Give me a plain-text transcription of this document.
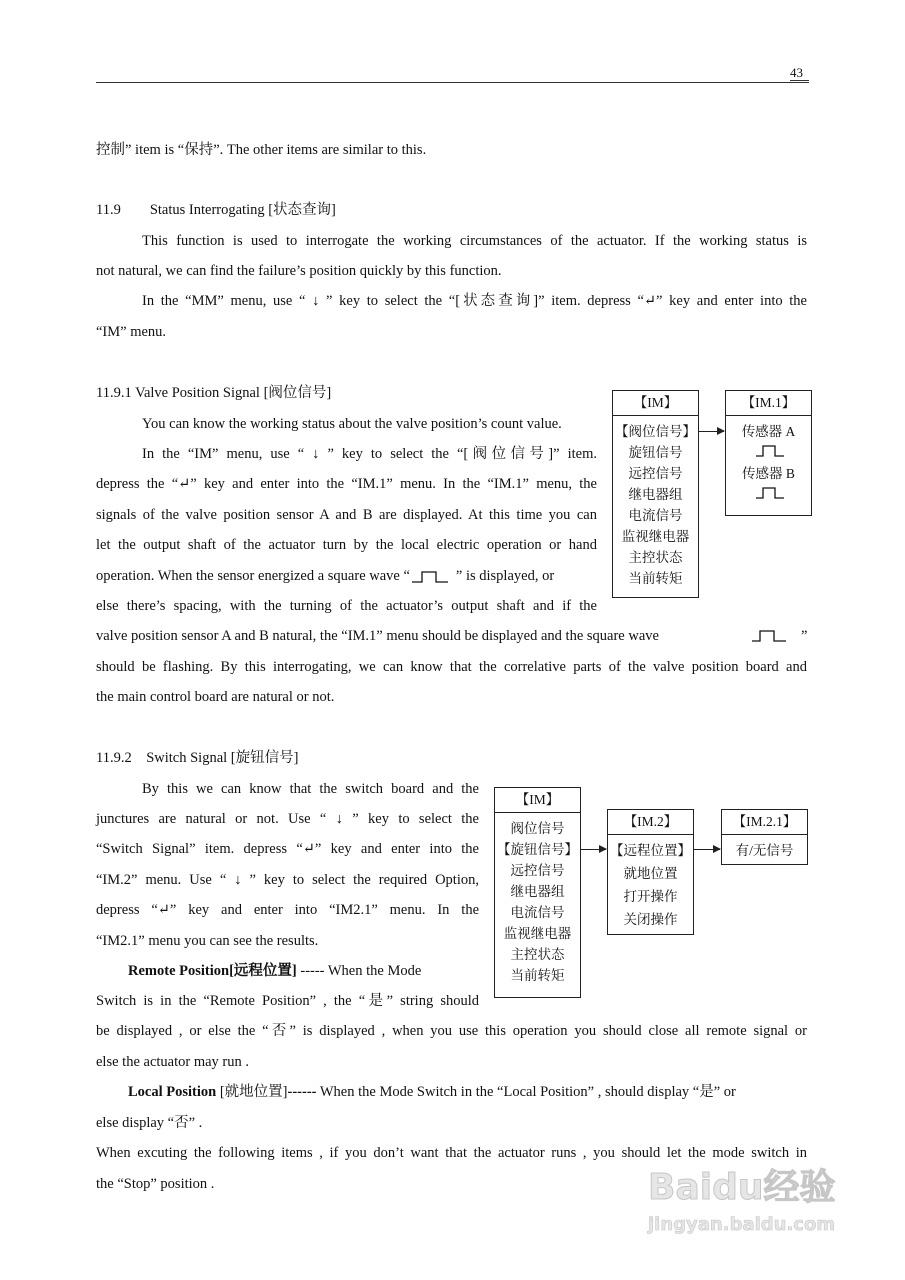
43
控制” item is “保持”. The other items are similar to this.
11.9　　Status Interrogating [状态查询]
This function is used to interrogate the working circumstances of the actuator. If the working status is
not natural, we can find the failure’s position quickly by this function.
In the “MM” menu, use “ ↓ ” key to select the “[状态查询]” item. depress “↵” key and enter into the
“IM” menu.
11.9.1 Valve Position Signal [阀位信号]
You can know the working status about the valve position’s count value.
In the “IM” menu, use “ ↓ ” key to select the “[阀位信号]” item.
depress the “↵” key and enter into the “IM.1” menu. In the “IM.1” menu, the
signals of the valve position sensor A and B are displayed. At this time you can
let the output shaft of the actuator turn by the local electric operation or hand
operation. When the sensor energized a square wave “	” is displayed, or
else there’s spacing, with the turning of the actuator’s output shaft and if the
valve position sensor A and B natural, the “IM.1” menu should be displayed and the square wave	”
should be flashing. By this interrogating, we can know that the correlative parts of the valve position board and
the main control board are natural or not.
【IM】
【阀位信号】
旋钮信号
远控信号
继电器组
电流信号
监视继电器
主控状态
当前转矩
【IM.1】
传感器 A
传感器 B
11.9.2　Switch Signal [旋钮信号]
By this we can know that the switch board and the
junctures are natural or not. Use “ ↓ ” key to select the
“Switch Signal” item. depress “↵” key and enter into the
“IM.2” menu. Use “ ↓ ” key to select the required Option,
depress “↵” key and enter into “IM2.1” menu. In the
“IM2.1” menu you can see the results.
Remote Position[远程位置] ----- When the Mode
Switch is in the “Remote Position” , the “是” string should
be displayed , or else the “否” is displayed , when you use this operation you should close all remote signal or
else the actuator may run .
Local Position [就地位置]------ When the Mode Switch in the “Local Position” , should display “是” or
else display “否” .
When excuting the following items , if you don’t want that the actuator runs , you should let the mode switch in
the “Stop” position .
【IM】
阀位信号
【旋钮信号】
远控信号
继电器组
电流信号
监视继电器
主控状态
当前转矩
【IM.2】
【远程位置】
就地位置
打开操作
关闭操作
【IM.2.1】
有/无信号
Baidu经验
jingyan.baidu.com
